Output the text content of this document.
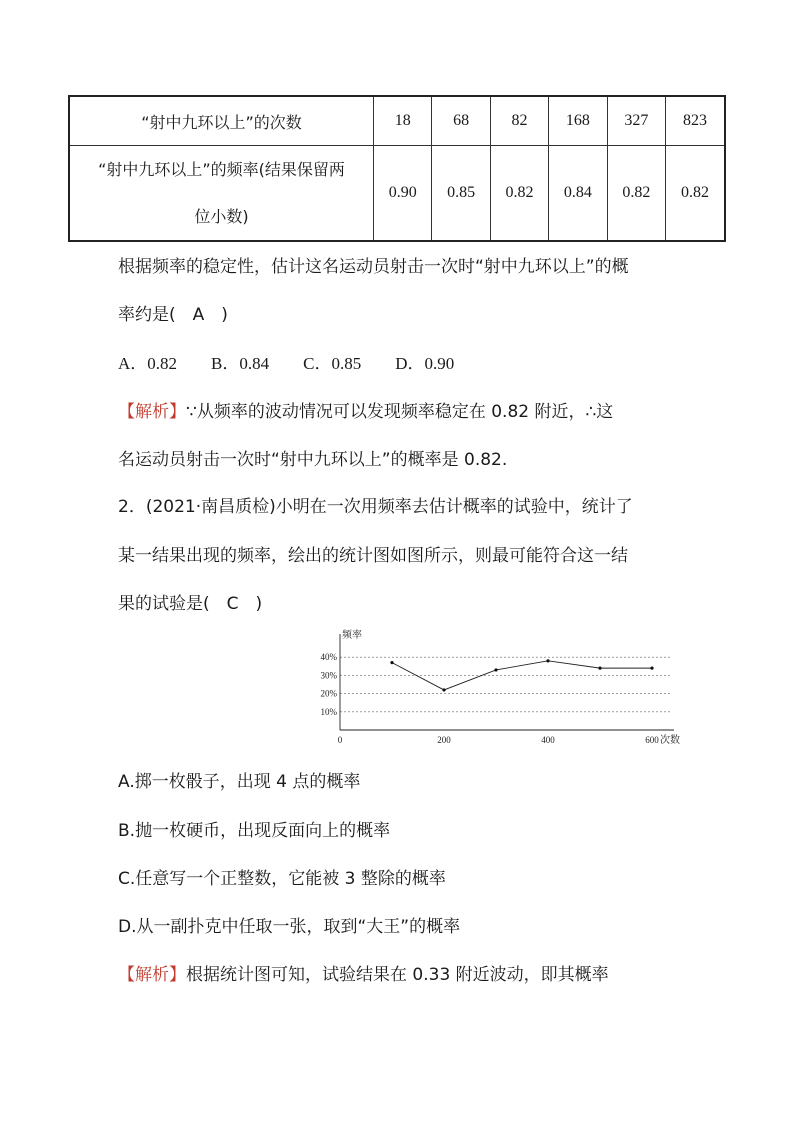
“射中九环以上”的次数	18	68	82	168	327	823

“射中九环以上”的频率(结果保留两
位小数)	0.90	0.85	0.82	0.84	0.82	0.82
根据频率的稳定性，估计这名运动员射击一次时“射中九环以上”的概
率约是(　A　)
A．0.82　　B．0.84　　C．0.85　　D．0.90
【解析】∵从频率的波动情况可以发现频率稳定在 0.82 附近，∴这
名运动员射击一次时“射中九环以上”的概率是 0.82.
2．(2021·南昌质检)小明在一次用频率去估计概率的试验中，统计了
某一结果出现的频率，绘出的统计图如图所示，则最可能符合这一结
果的试验是(　C　)
10%
20%
30%
40%
0	200	400	600
频率
次数
A.掷一枚骰子，出现 4 点的概率
B.抛一枚硬币，出现反面向上的概率
C.任意写一个正整数，它能被 3 整除的概率
D.从一副扑克中任取一张，取到“大王”的概率
【解析】根据统计图可知，试验结果在 0.33 附近波动，即其概率
